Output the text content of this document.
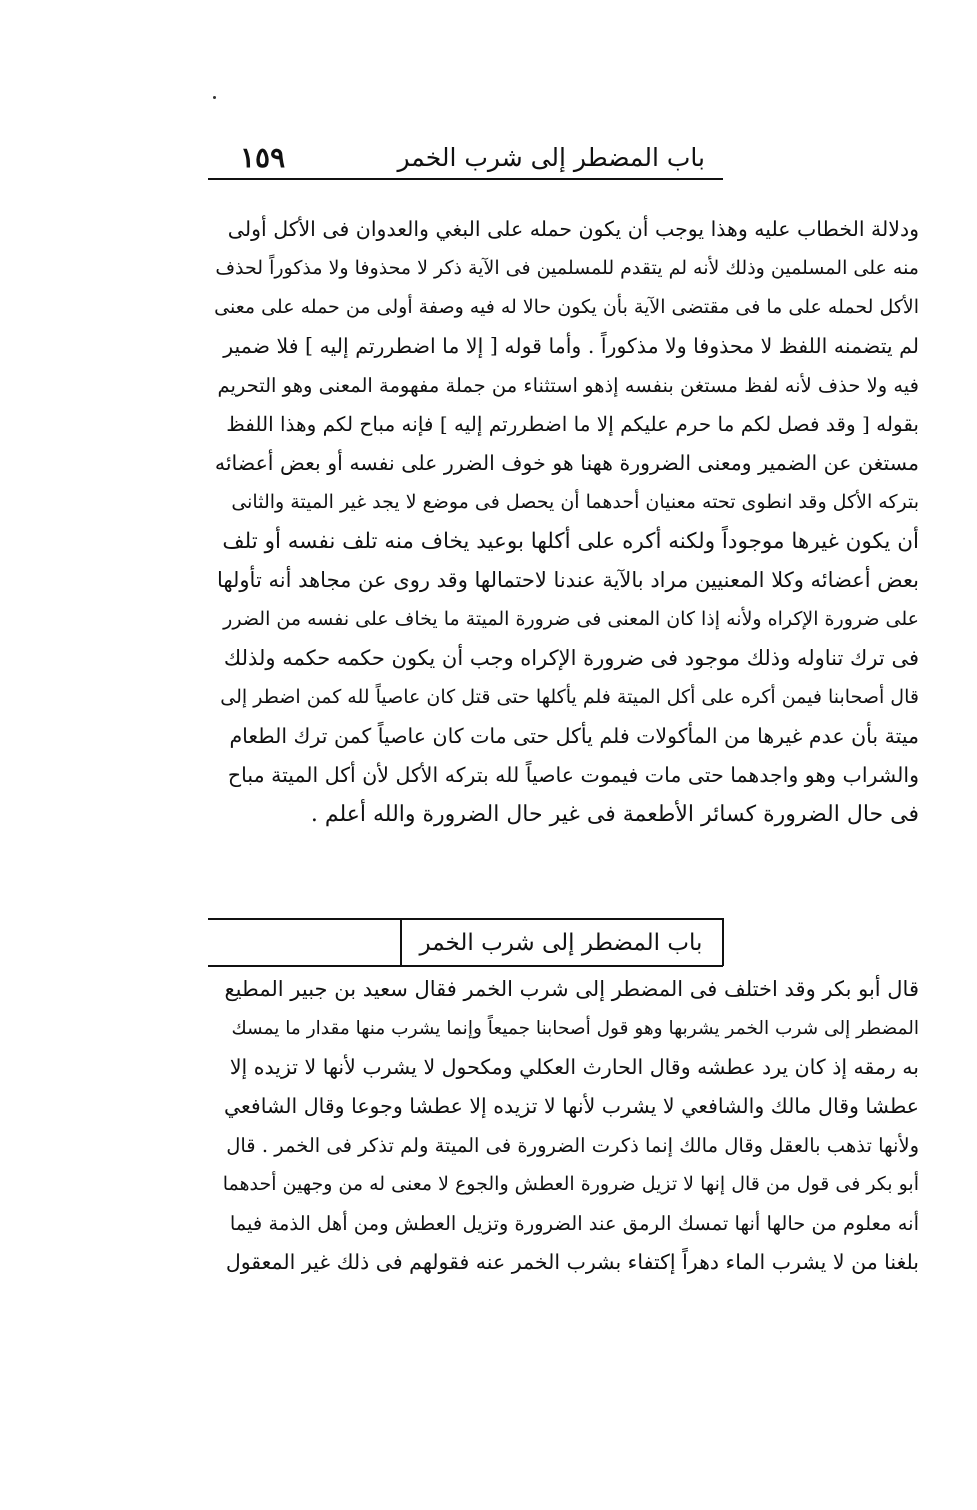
باب المضطر إلى شرب الخمر
١٥٩

ودلالة الخطاب عليه وهذا يوجب أن يكون حمله على البغي والعدوان فى الأكل أولى

منه على المسلمين وذلك لأنه لم يتقدم للمسلمين فى الآية ذكر لا محذوفا ولا مذكوراً لحذف

الأكل لحمله على ما فى مقتضى الآية بأن يكون حالا له فيه وصفة أولى من حمله على معنى

لم يتضمنه اللفظ لا محذوفا ولا مذكوراً . وأما قوله [ إلا ما اضطررتم إليه ] فلا ضمير

فيه ولا حذف لأنه لفظ مستغن بنفسه إذهو استثناء من جملة مفهومة المعنى وهو التحريم

بقوله [ وقد فصل لكم ما حرم عليكم إلا ما اضطررتم إليه ] فإنه مباح لكم وهذا اللفظ

مستغن عن الضمير ومعنى الضرورة ههنا هو خوف الضرر على نفسه أو بعض أعضائه

بتركه الأكل وقد انطوى تحته معنيان أحدهما أن يحصل فى موضع لا يجد غير الميتة والثانى

أن يكون غيرها موجوداً ولكنه أكره على أكلها بوعيد يخاف منه تلف نفسه أو تلف

بعض أعضائه وكلا المعنيين مراد بالآية عندنا لاحتمالها وقد روى عن مجاهد أنه تأولها

على ضرورة الإكراه ولأنه إذا كان المعنى فى ضرورة الميتة ما يخاف على نفسه من الضرر

فى ترك تناوله وذلك موجود فى ضرورة الإكراه وجب أن يكون حكمه حكمه ولذلك

قال أصحابنا فيمن أكره على أكل الميتة فلم يأكلها حتى قتل كان عاصياً لله كمن اضطر إلى

ميتة بأن عدم غيرها من المأكولات فلم يأكل حتى مات كان عاصياً كمن ترك الطعام

والشراب وهو واجدهما حتى مات فيموت عاصياً لله بتركه الأكل لأن أكل الميتة مباح

فى حال الضرورة كسائر الأطعمة فى غير حال الضرورة والله أعلم .

باب المضطر إلى شرب الخمر

قال أبو بكر وقد اختلف فى المضطر إلى شرب الخمر فقال سعيد بن جبير المطيع

المضطر إلى شرب الخمر يشربها وهو قول أصحابنا جميعاً وإنما يشرب منها مقدار ما يمسك

به رمقه إذ كان يرد عطشه وقال الحارث العكلي ومكحول لا يشرب لأنها لا تزيده إلا

عطشا وقال مالك والشافعي لا يشرب لأنها لا تزيده إلا عطشا وجوعا وقال الشافعي

ولأنها تذهب بالعقل وقال مالك إنما ذكرت الضرورة فى الميتة ولم تذكر فى الخمر . قال

أبو بكر فى قول من قال إنها لا تزيل ضرورة العطش والجوع لا معنى له من وجهين أحدهما

أنه معلوم من حالها أنها تمسك الرمق عند الضرورة وتزيل العطش ومن أهل الذمة فيما

بلغنا من لا يشرب الماء دهراً إكتفاء بشرب الخمر عنه فقولهم فى ذلك غير المعقول
